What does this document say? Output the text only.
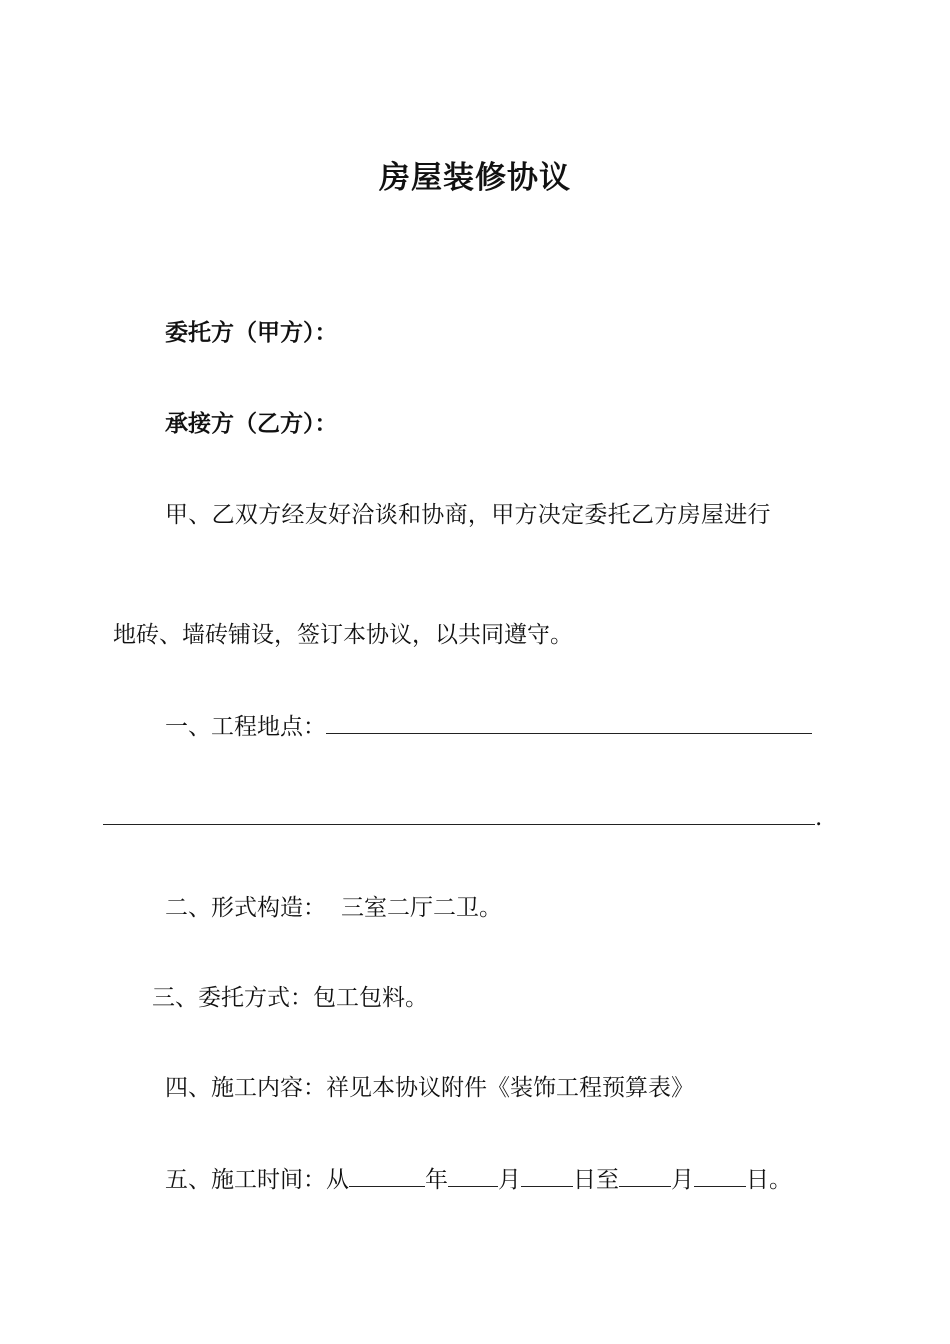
房屋装修协议
委托方（甲方）：
承接方（乙方）：
甲、乙双方经友好洽谈和协商，甲方决定委托乙方房屋进行
地砖、墙砖铺设，签订本协议，以共同遵守。
一、工程地点：
.
二、形式构造： 三室二厅二卫。
三、委托方式：包工包料。
四、施工内容：祥见本协议附件《装饰工程预算表》
五、施工时间：从	年 月 日至 月 日。
